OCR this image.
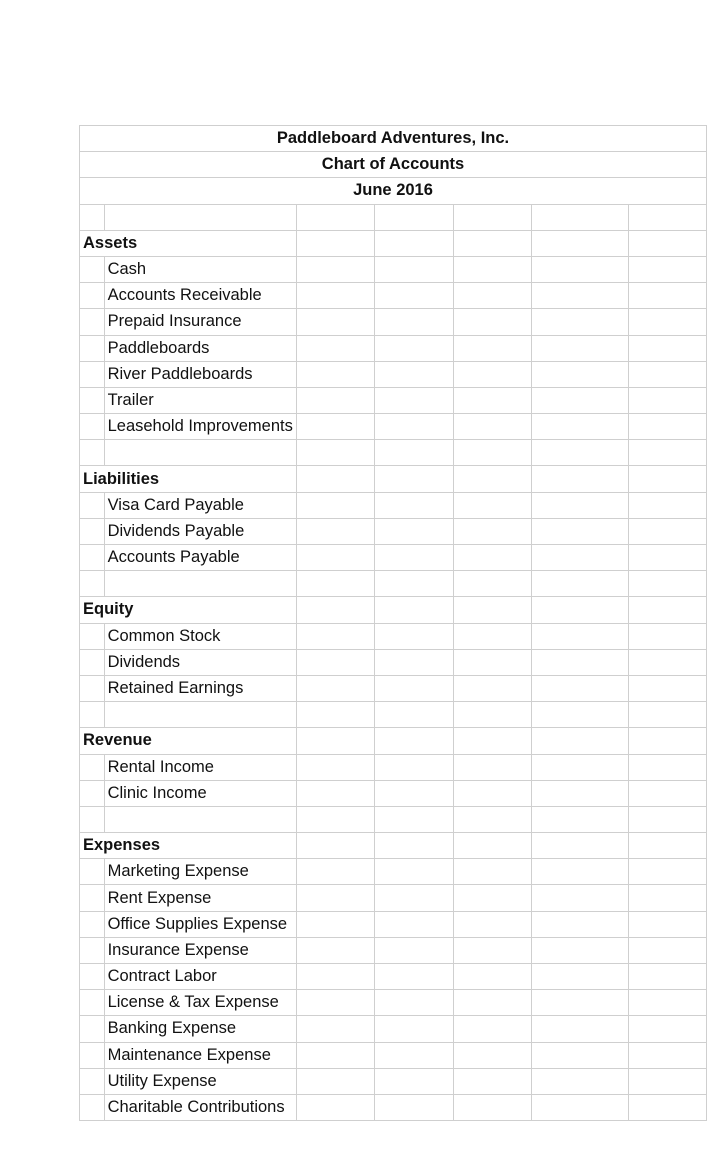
Paddleboard Adventures, Inc.						
Chart of Accounts						
June 2016						

Assets						
	Cash					
	Accounts Receivable					
	Prepaid Insurance					
	Paddleboards					
	River Paddleboards					
	Trailer					
	Leasehold Improvements					

Liabilities						
	Visa Card Payable					
	Dividends Payable					
	Accounts Payable					

Equity						
	Common Stock					
	Dividends					
	Retained Earnings					

Revenue						
	Rental Income					
	Clinic Income					

Expenses						
	Marketing Expense					
	Rent Expense					
	Office Supplies Expense					
	Insurance Expense					
	Contract Labor					
	License & Tax Expense					
	Banking Expense					
	Maintenance Expense					
	Utility Expense					
	Charitable Contributions					
